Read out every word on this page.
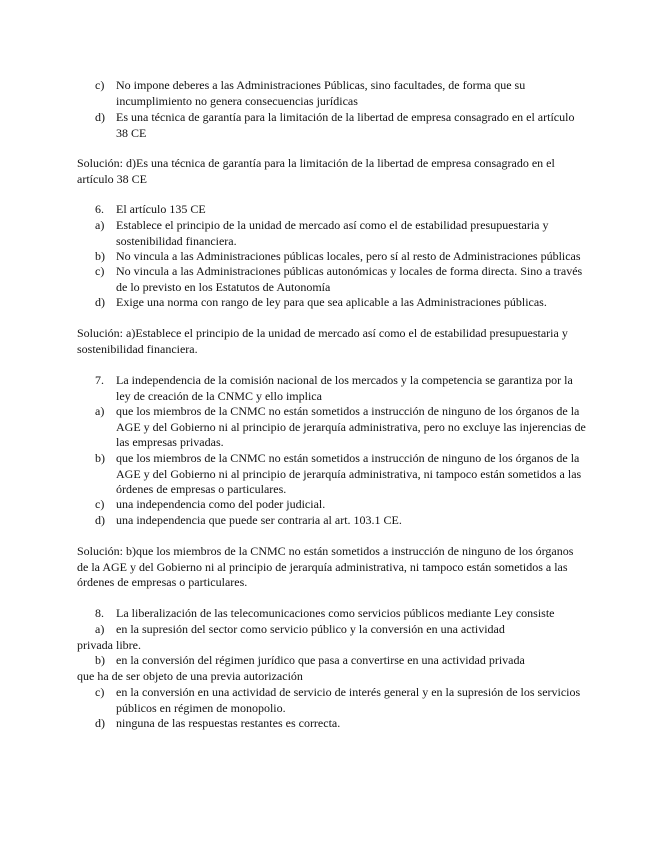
c) No impone deberes a las Administraciones Públicas, sino facultades, de forma que su incumplimiento no genera consecuencias jurídicas
d) Es una técnica de garantía para la limitación de la libertad de empresa consagrado en el artículo 38 CE
Solución: d)Es una técnica de garantía para la limitación de la libertad de empresa consagrado en el artículo 38 CE
6. El artículo 135 CE
a) Establece el principio de la unidad de mercado así como el de estabilidad presupuestaria y sostenibilidad financiera.
b) No vincula a las Administraciones públicas locales, pero sí al resto de Administraciones públicas
c) No vincula a las Administraciones públicas autonómicas y locales de forma directa. Sino a través de lo previsto en los Estatutos de Autonomía
d) Exige una norma con rango de ley para que sea aplicable a las Administraciones públicas.
Solución: a)Establece el principio de la unidad de mercado así como el de estabilidad presupuestaria y sostenibilidad financiera.
7. La independencia de la comisión nacional de los mercados y la competencia se garantiza por la ley de creación de la CNMC y ello implica
a) que los miembros de la CNMC no están sometidos a instrucción de ninguno de los órganos de la AGE y del Gobierno ni al principio de jerarquía administrativa, pero no excluye las injerencias de las empresas privadas.
b) que los miembros de la CNMC no están sometidos a instrucción de ninguno de los órganos de la AGE y del Gobierno ni al principio de jerarquía administrativa, ni tampoco están sometidos a las órdenes de empresas o particulares.
c) una independencia como del poder judicial.
d) una independencia que puede ser contraria al art. 103.1 CE.
Solución: b)que los miembros de la CNMC no están sometidos a instrucción de ninguno de los órganos de la AGE y del Gobierno ni al principio de jerarquía administrativa, ni tampoco están sometidos a las órdenes de empresas o particulares.
8. La liberalización de las telecomunicaciones como servicios públicos mediante Ley consiste
a) en la supresión del sector como servicio público y la conversión en una actividad
privada libre.
b) en la conversión del régimen jurídico que pasa a convertirse en una actividad privada
que ha de ser objeto de una previa autorización
c) en la conversión en una actividad de servicio de interés general y en la supresión de los servicios públicos en régimen de monopolio.
d) ninguna de las respuestas restantes es correcta.
